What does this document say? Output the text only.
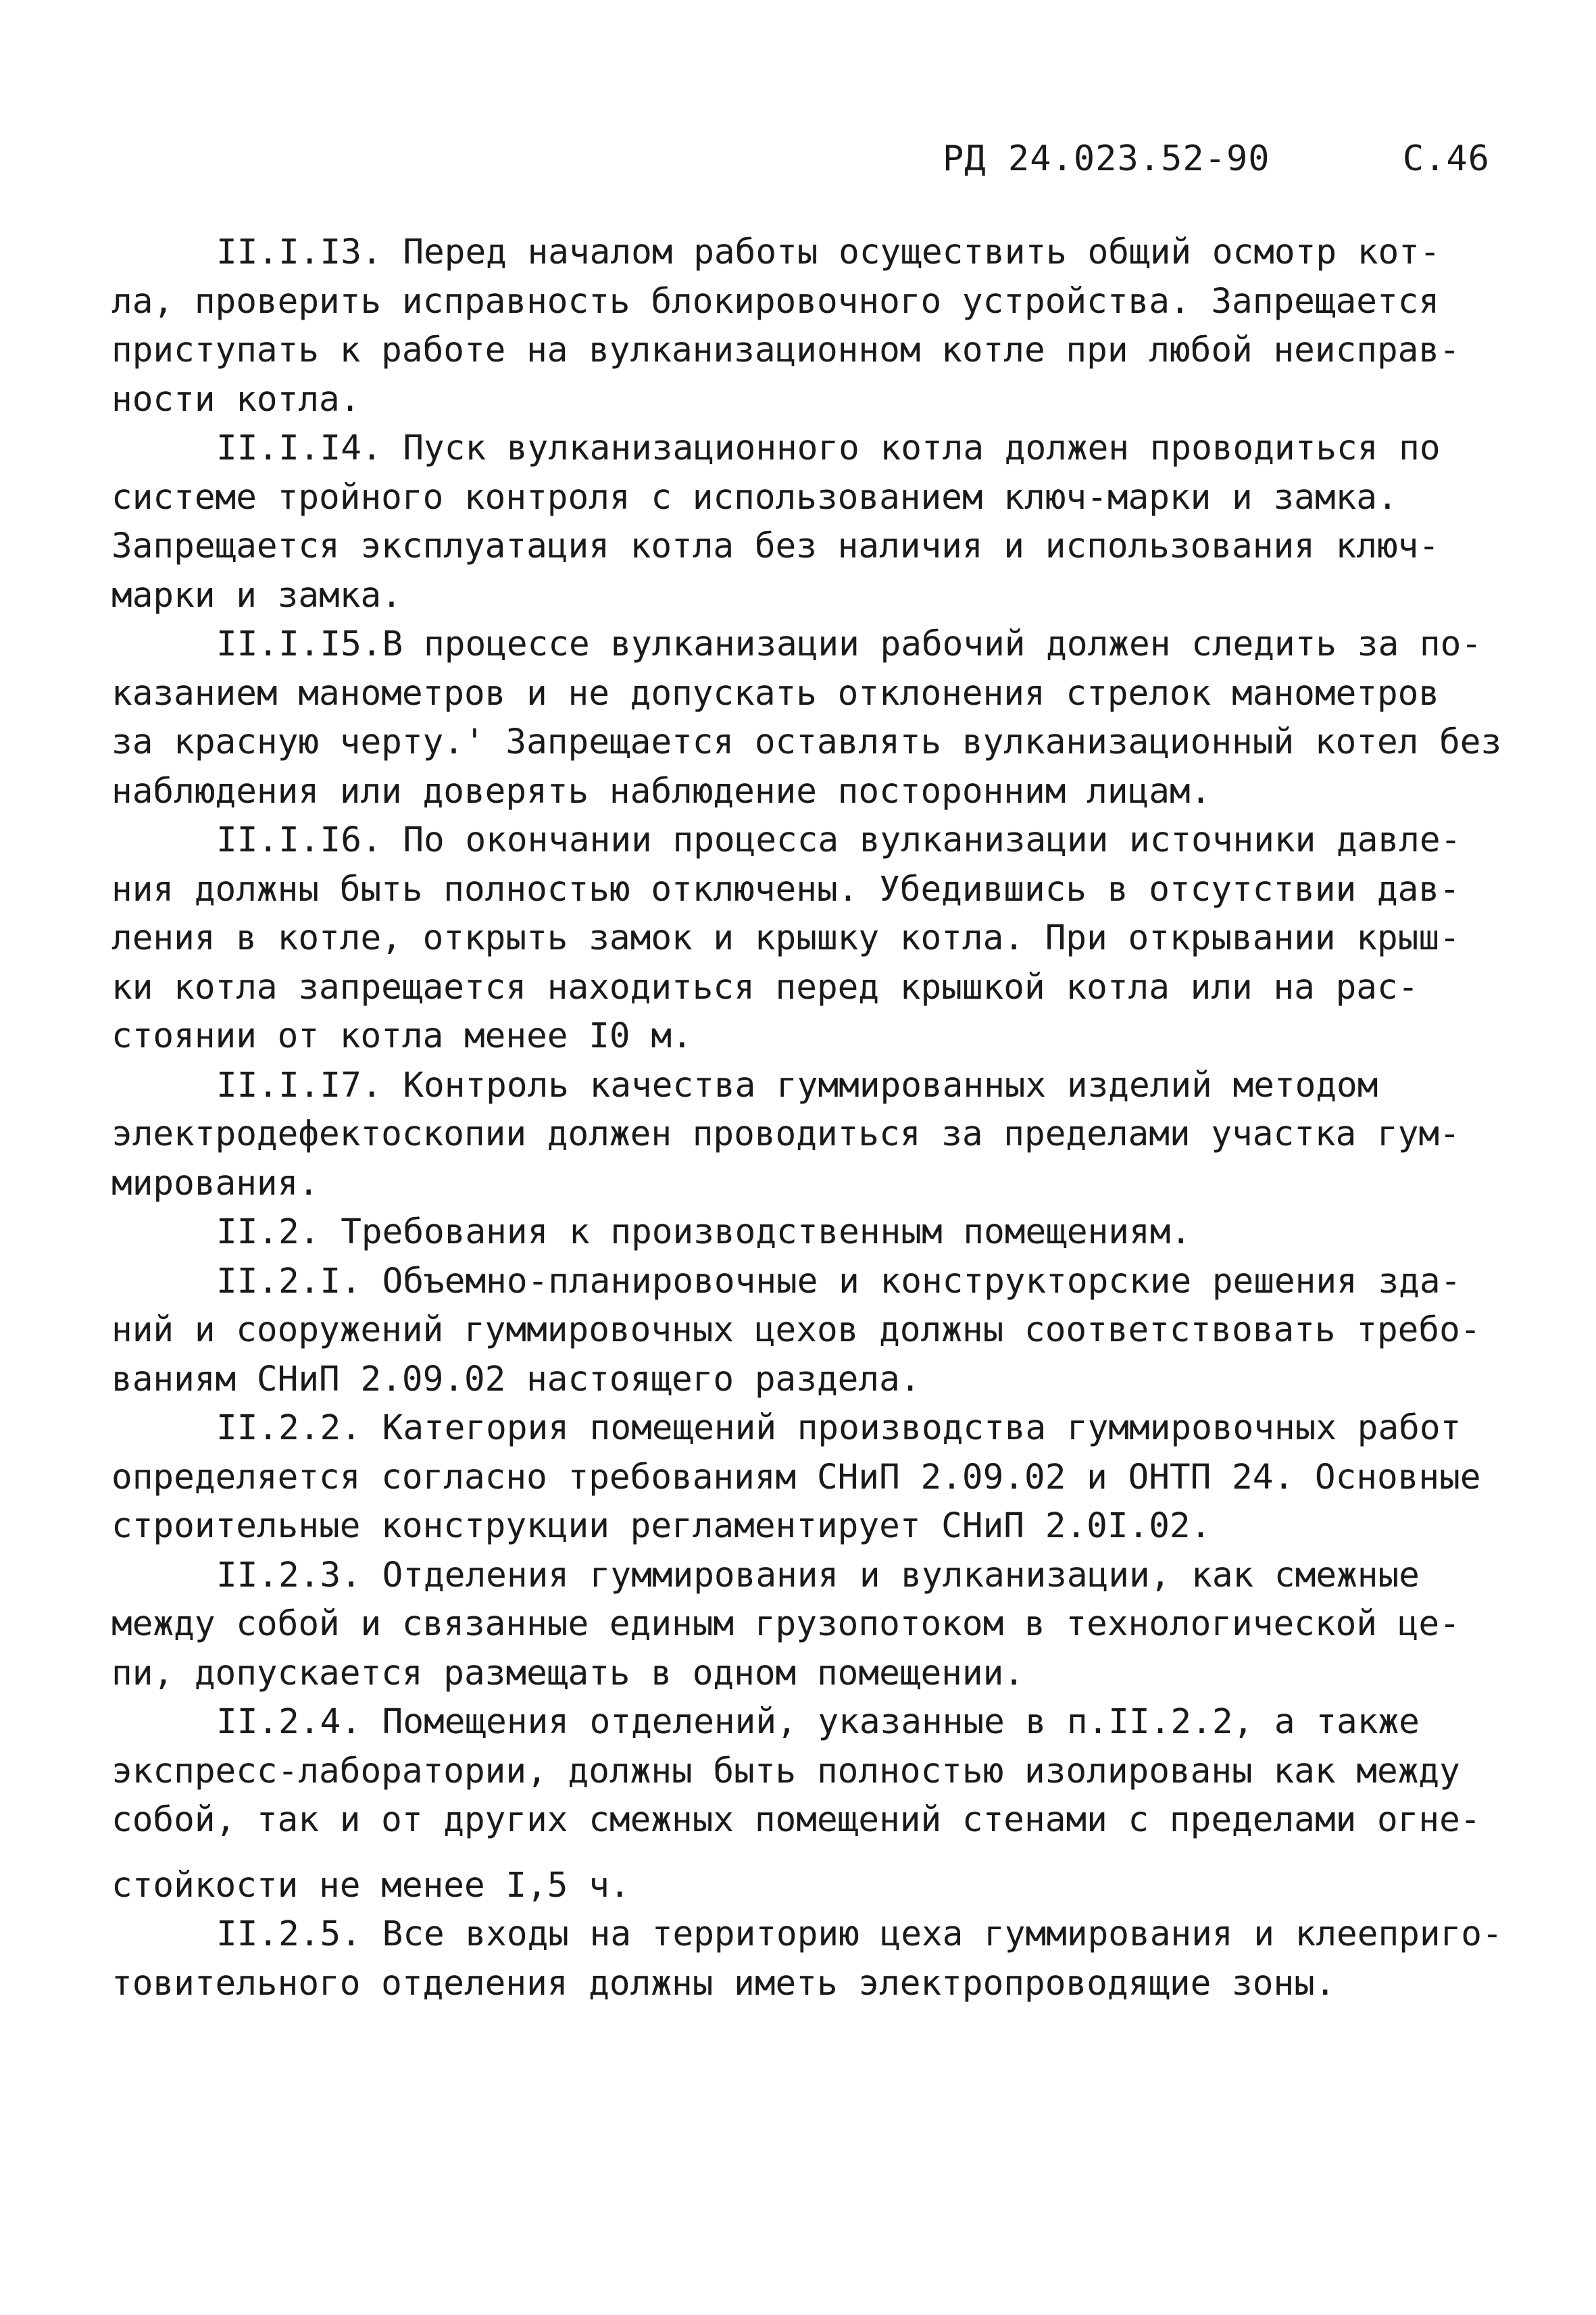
РД 24.023.52-90	С.46
II.I.I3. Перед началом работы осуществить общий осмотр кот-
ла, проверить исправность блокировочного устройства. Запрещается
приступать к работе на вулканизационном котле при любой неисправ-
ности котла.
II.I.I4. Пуск вулканизационного котла должен проводиться по
системе тройного контроля с использованием ключ-марки и замка.
Запрещается эксплуатация котла без наличия и использования ключ-
марки и замка.
II.I.I5.В процессе вулканизации рабочий должен следить за по-
казанием манометров и не допускать отклонения стрелок манометров
за красную черту.' Запрещается оставлять вулканизационный котел без
наблюдения или доверять наблюдение посторонним лицам.
II.I.I6. По окончании процесса вулканизации источники давле-
ния должны быть полностью отключены. Убедившись в отсутствии дав-
ления в котле, открыть замок и крышку котла. При открывании крыш-
ки котла запрещается находиться перед крышкой котла или на рас-
стоянии от котла менее I0 м.
II.I.I7. Контроль качества гуммированных изделий методом
электродефектоскопии должен проводиться за пределами участка гум-
мирования.
II.2. Требования к производственным помещениям.
II.2.I. Объемно-планировочные и конструкторские решения зда-
ний и сооружений гуммировочных цехов должны соответствовать требо-
ваниям СНиП 2.09.02 настоящего раздела.
II.2.2. Категория помещений производства гуммировочных работ
определяется согласно требованиям СНиП 2.09.02 и ОНТП 24. Основные
строительные конструкции регламентирует СНиП 2.0I.02.
II.2.3. Отделения гуммирования и вулканизации, как смежные
между собой и связанные единым грузопотоком в технологической це-
пи, допускается размещать в одном помещении.
II.2.4. Помещения отделений, указанные в п.II.2.2, а также
экспресс-лаборатории, должны быть полностью изолированы как между
собой, так и от других смежных помещений стенами с пределами огне-
стойкости не менее I,5 ч.
II.2.5. Все входы на территорию цеха гуммирования и клееприго-
товительного отделения должны иметь электропроводящие зоны.
